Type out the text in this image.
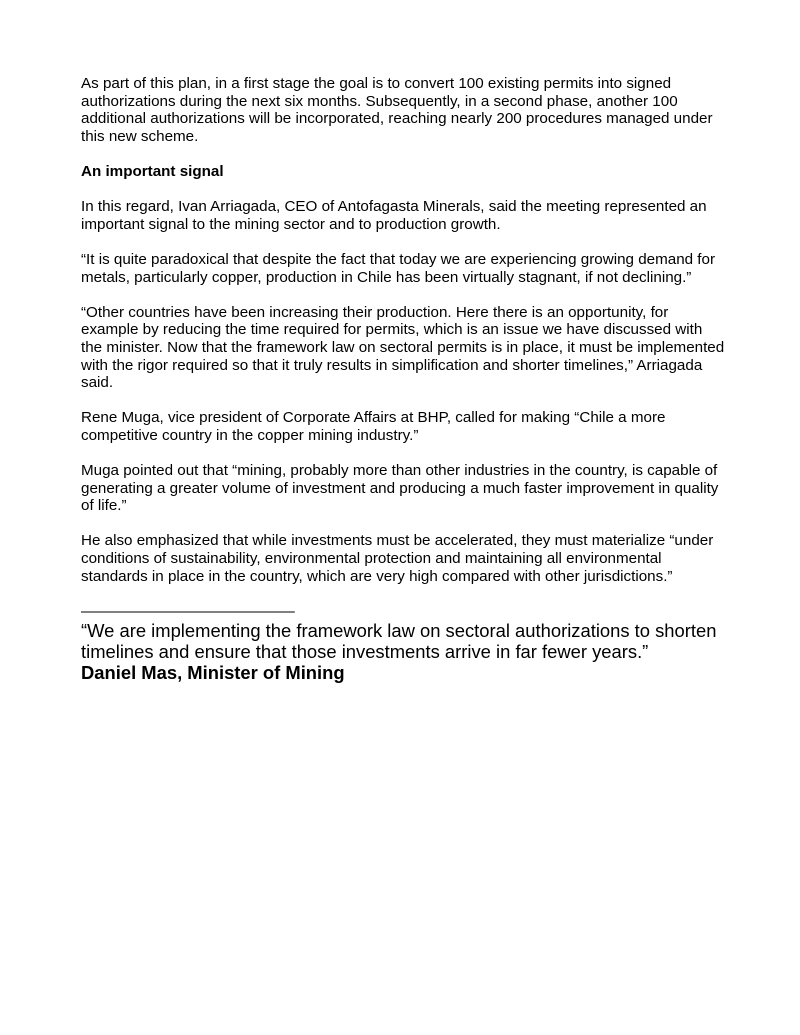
As part of this plan, in a first stage the goal is to convert 100 existing permits into signed authorizations during the next six months. Subsequently, in a second phase, another 100 additional authorizations will be incorporated, reaching nearly 200 procedures managed under this new scheme.

An important signal

In this regard, Ivan Arriagada, CEO of Antofagasta Minerals, said the meeting represented an important signal to the mining sector and to production growth.

“It is quite paradoxical that despite the fact that today we are experiencing growing demand for metals, particularly copper, production in Chile has been virtually stagnant, if not declining.”

“Other countries have been increasing their production. Here there is an opportunity, for example by reducing the time required for permits, which is an issue we have discussed with the minister. Now that the framework law on sectoral permits is in place, it must be implemented with the rigor required so that it truly results in simplification and shorter timelines,” Arriagada said.

Rene Muga, vice president of Corporate Affairs at BHP, called for making “Chile a more competitive country in the copper mining industry.”

Muga pointed out that “mining, probably more than other industries in the country, is capable of generating a greater volume of investment and producing a much faster improvement in quality of life.”

He also emphasized that while investments must be accelerated, they must materialize “under conditions of sustainability, environmental protection and maintaining all environmental standards in place in the country, which are very high compared with other jurisdictions.”

———————————————

“We are implementing the framework law on sectoral authorizations to shorten timelines and ensure that those investments arrive in far fewer years.”

Daniel Mas, Minister of Mining
